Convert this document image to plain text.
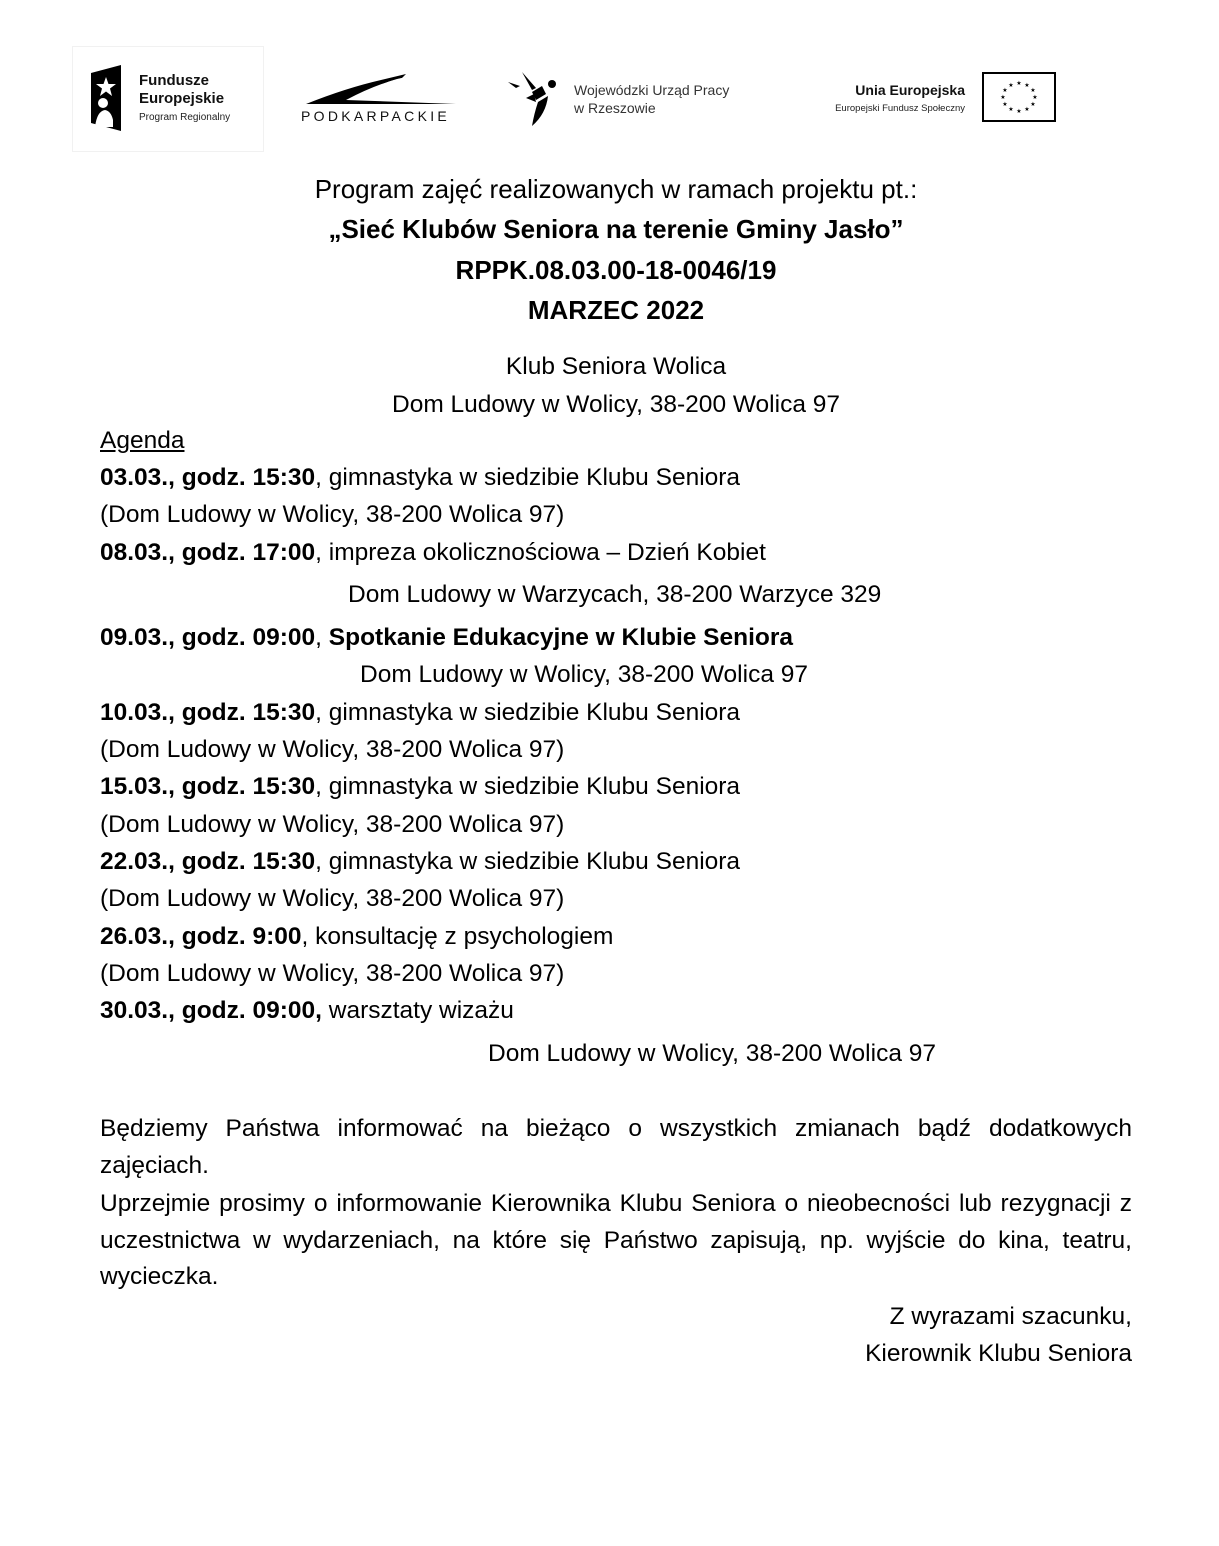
Fundusze
Europejskie
Program Regionalny	PODKARPACKIE
Wojewódzki Urząd Pracy
w Rzeszowie
Unia Europejska
Europejski Fundusz Społeczny
★ ★
★
★
★
★
★
★
★
★
★
★
Program zajęć realizowanych w ramach projektu pt.:
„Sieć Klubów Seniora na terenie Gminy Jasło”
RPPK.08.03.00-18-0046/19
MARZEC 2022
Klub Seniora Wolica
Dom Ludowy w Wolicy, 38-200 Wolica 97
Agenda
03.03., godz. 15:30, gimnastyka w siedzibie Klubu Seniora
(Dom Ludowy w Wolicy, 38-200 Wolica 97)
08.03., godz. 17:00, impreza okolicznościowa – Dzień Kobiet
Dom Ludowy w Warzycach, 38-200 Warzyce 329
09.03., godz. 09:00, Spotkanie Edukacyjne w Klubie Seniora
Dom Ludowy w Wolicy, 38-200 Wolica 97
10.03., godz. 15:30, gimnastyka w siedzibie Klubu Seniora
(Dom Ludowy w Wolicy, 38-200 Wolica 97)
15.03., godz. 15:30, gimnastyka w siedzibie Klubu Seniora
(Dom Ludowy w Wolicy, 38-200 Wolica 97)
22.03., godz. 15:30, gimnastyka w siedzibie Klubu Seniora
(Dom Ludowy w Wolicy, 38-200 Wolica 97)
26.03., godz. 9:00, konsultację z psychologiem
(Dom Ludowy w Wolicy, 38-200 Wolica 97)
30.03., godz. 09:00, warsztaty wizażu
Dom Ludowy w Wolicy, 38-200 Wolica 97
Będziemy Państwa informować na bieżąco o wszystkich zmianach bądź dodatkowych zajęciach.
Uprzejmie prosimy o informowanie Kierownika Klubu Seniora o nieobecności lub rezygnacji z uczestnictwa w wydarzeniach, na które się Państwo zapisują, np. wyjście do kina, teatru, wycieczka.
Z wyrazami szacunku,
Kierownik Klubu Seniora
